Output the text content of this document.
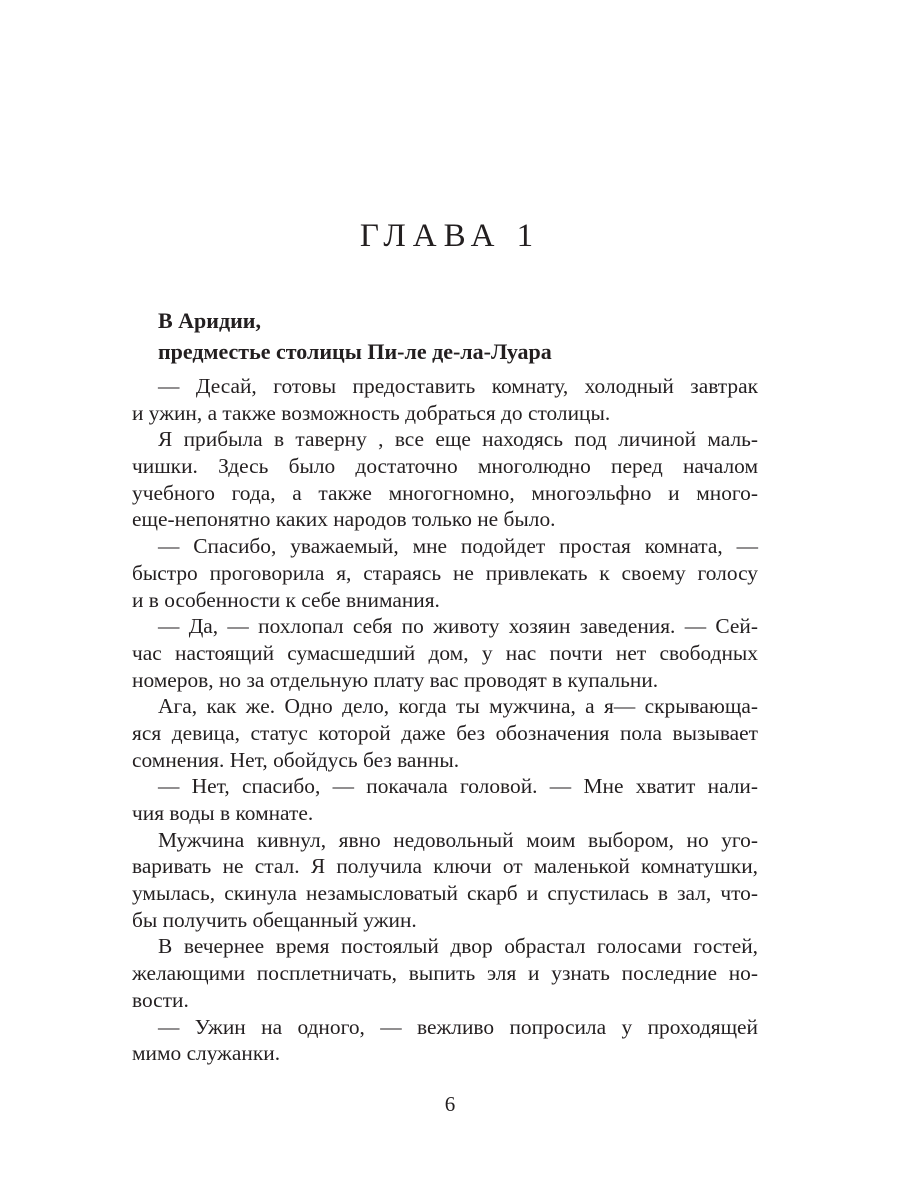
ГЛАВА 1
В Аридии,
предместье столицы Пи-ле де-ла-Луара
— Десай, готовы предоставить комнату, холодный завтрак
и ужин, а также возможность добраться до столицы.
Я прибыла в таверну , все еще находясь под личиной маль-
чишки. Здесь было достаточно многолюдно перед началом
учебного года, а также многогномно, многоэльфно и много-
еще-непонятно каких народов только не было.
— Спасибо, уважаемый, мне подойдет простая комната, —
быстро проговорила я, стараясь не привлекать к своему голосу
и в особенности к себе внимания.
— Да, — похлопал себя по животу хозяин заведения. — Сей-
час настоящий сумасшедший дом, у нас почти нет свободных
номеров, но за отдельную плату вас проводят в купальни.
Ага, как же. Одно дело, когда ты мужчина, а я— скрывающа-
яся девица, статус которой даже без обозначения пола вызывает
сомнения. Нет, обойдусь без ванны.
— Нет, спасибо, — покачала головой. — Мне хватит нали-
чия воды в комнате.
Мужчина кивнул, явно недовольный моим выбором, но уго-
варивать не стал. Я получила ключи от маленькой комнатушки,
умылась, скинула незамысловатый скарб и спустилась в зал, что-
бы получить обещанный ужин.
В вечернее время постоялый двор обрастал голосами гостей,
желающими посплетничать, выпить эля и узнать последние но-
вости.
— Ужин на одного, — вежливо попросила у проходящей
мимо служанки.
6
